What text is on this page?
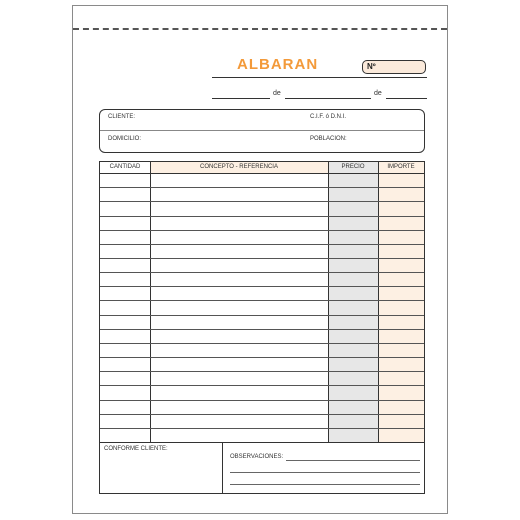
ALBARAN	Nº
de	de
CLIENTE:	C.I.F. ó D.N.I.
DOMICILIO:	POBLACION:
CANTIDAD	CONCEPTO - REFERENCIA	PRECIO	IMPORTE
CONFORME CLIENTE:
OBSERVACIONES:
